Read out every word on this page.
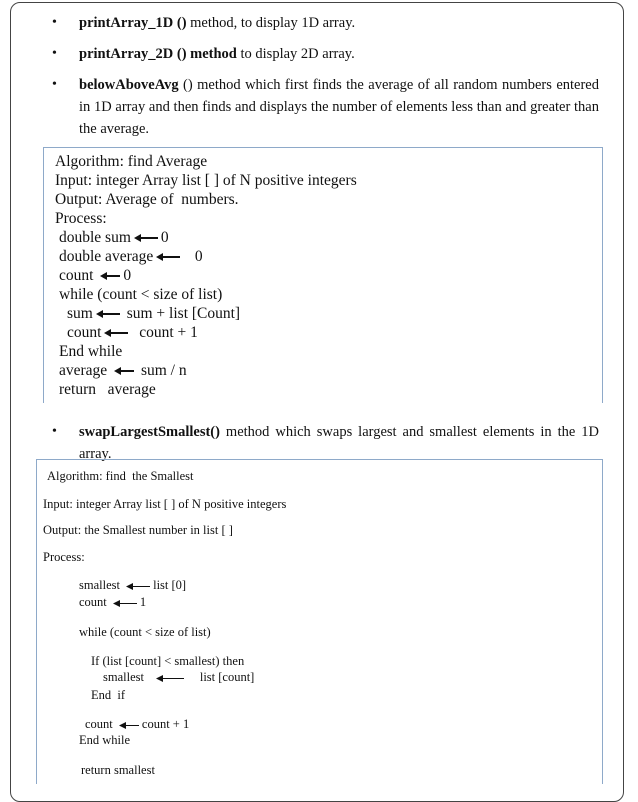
• printArray_1D () method, to display 1D array.
• printArray_2D () method to display 2D array.
• belowAboveAvg () method which first finds the average of all random numbers entered in 1D array and then finds and displays the number of elements less than and greater than the average.
Algorithm: find Average
Input: integer Array list [ ] of N positive integers
Output: Average of  numbers.
Process:
double sum 0
double average	0
count 0
while (count < size of list)
sum sum + list [Count]
count count + 1
End while
average sum / n
return   average
• swapLargestSmallest() method which swaps largest and smallest elements in the 1D array.
Algorithm: find  the Smallest
Input: integer Array list [ ] of N positive integers
Output: the Smallest number in list [ ]
Process:
smallest	list [0]
count	1
while (count < size of list)
If (list [count] < smallest) then
smallest	list [count]
End  if
count count + 1
End while
return smallest
